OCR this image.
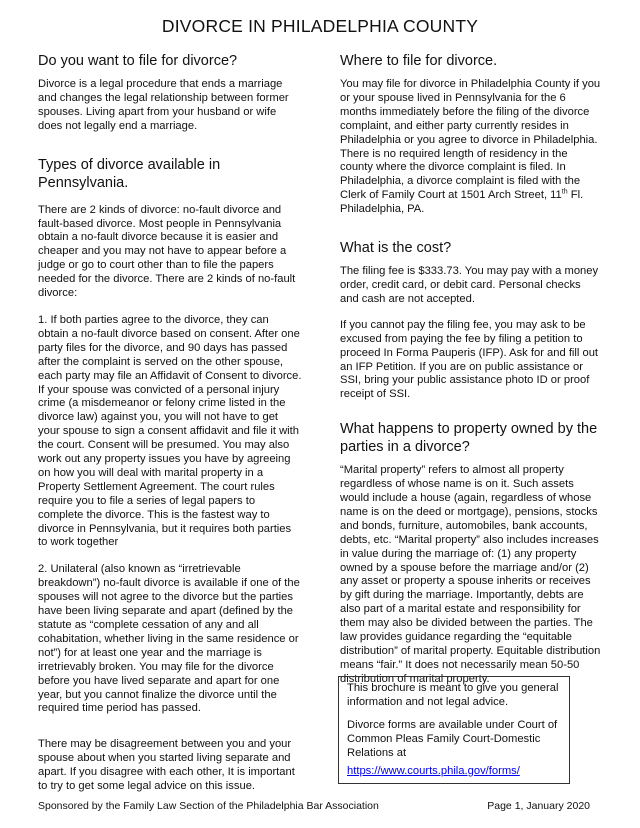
DIVORCE IN PHILADELPHIA COUNTY
Do you want to file for divorce?

Divorce is a legal procedure that ends a marriage and changes the legal relationship between former spouses. Living apart from your husband or wife does not legally end a marriage.

Types of divorce available in Pennsylvania.

There are 2 kinds of divorce: no-fault divorce and fault-based divorce. Most people in Pennsylvania obtain a no-fault divorce because it is easier and cheaper and you may not have to appear before a judge or go to court other than to file the papers needed for the divorce. There are 2 kinds of no-fault divorce:

1. If both parties agree to the divorce, they can obtain a no-fault divorce based on consent. After one party files for the divorce, and 90 days has passed after the complaint is served on the other spouse, each party may file an Affidavit of Consent to divorce. If your spouse was convicted of a personal injury crime (a misdemeanor or felony crime listed in the divorce law) against you, you will not have to get your spouse to sign a consent affidavit and file it with the court. Consent will be presumed. You may also work out any property issues you have by agreeing on how you will deal with marital property in a Property Settlement Agreement. The court rules require you to file a series of legal papers to complete the divorce. This is the fastest way to divorce in Pennsylvania, but it requires both parties to work together

2. Unilateral (also known as “irretrievable breakdown”) no-fault divorce is available if one of the spouses will not agree to the divorce but the parties have been living separate and apart (defined by the statute as “complete cessation of any and all cohabitation, whether living in the same residence or not”) for at least one year and the marriage is irretrievably broken. You may file for the divorce before you have lived separate and apart for one year, but you cannot finalize the divorce until the required time period has passed.

There may be disagreement between you and your spouse about when you started living separate and apart. If you disagree with each other, It is important to try to get some legal advice on this issue.

Where to file for divorce.

You may file for divorce in Philadelphia County if you or your spouse lived in Pennsylvania for the 6 months immediately before the filing of the divorce complaint, and either party currently resides in Philadelphia or you agree to divorce in Philadelphia. There is no required length of residency in the county where the divorce complaint is filed. In Philadelphia, a divorce complaint is filed with the Clerk of Family Court at 1501 Arch Street, 11th Fl. Philadelphia, PA.

What is the cost?

The filing fee is $333.73. You may pay with a money order, credit card, or debit card. Personal checks and cash are not accepted.

If you cannot pay the filing fee, you may ask to be excused from paying the fee by filing a petition to proceed In Forma Pauperis (IFP). Ask for and fill out an IFP Petition. If you are on public assistance or SSI, bring your public assistance photo ID or proof receipt of SSI.

What happens to property owned by the parties in a divorce?

“Marital property” refers to almost all property regardless of whose name is on it. Such assets would include a house (again, regardless of whose name is on the deed or mortgage), pensions, stocks and bonds, furniture, automobiles, bank accounts, debts, etc. “Marital property” also includes increases in value during the marriage of: (1) any property owned by a spouse before the marriage and/or (2) any asset or property a spouse inherits or receives by gift during the marriage. Importantly, debts are also part of a marital estate and responsibility for them may also be divided between the parties. The law provides guidance regarding the “equitable distribution” of marital property. Equitable distribution means “fair.” It does not necessarily mean 50-50 distribution of marital property.

This brochure is meant to give you general information and not legal advice.

Divorce forms are available under Court of Common Pleas Family Court-Domestic Relations at

https://www.courts.phila.gov/forms/
Sponsored by the Family Law Section of the Philadelphia Bar Association	Page 1, January 2020
